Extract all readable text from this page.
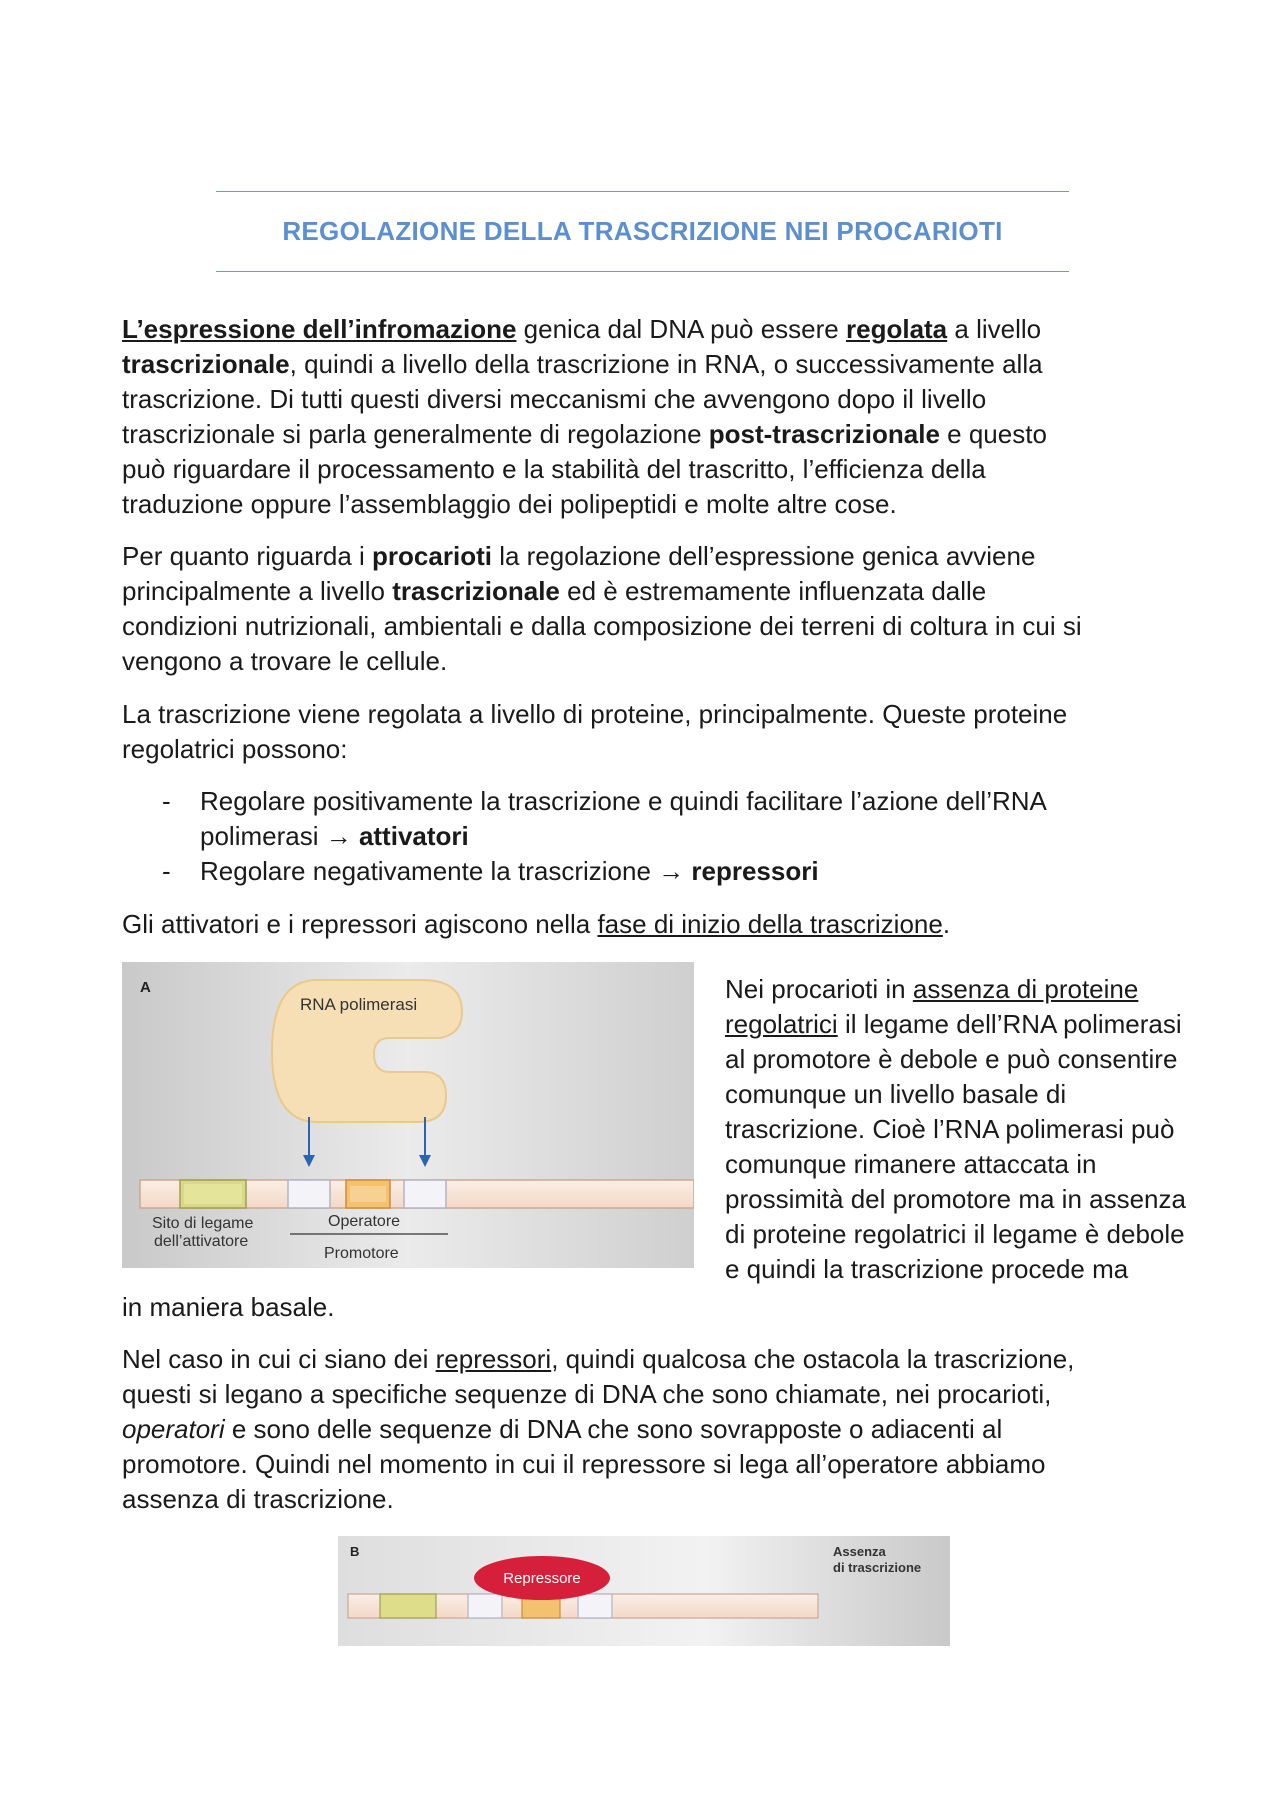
REGOLAZIONE DELLA TRASCRIZIONE NEI PROCARIOTI

L’espressione dell’infromazione genica dal DNA può essere regolata a livello

trascrizionale, quindi a livello della trascrizione in RNA, o successivamente alla

trascrizione. Di tutti questi diversi meccanismi che avvengono dopo il livello

trascrizionale si parla generalmente di regolazione post-trascrizionale e questo

può riguardare il processamento e la stabilità del trascritto, l’efficienza della

traduzione oppure l’assemblaggio dei polipeptidi e molte altre cose.

Per quanto riguarda i procarioti la regolazione dell’espressione genica avviene

principalmente a livello trascrizionale ed è estremamente influenzata dalle

condizioni nutrizionali, ambientali e dalla composizione dei terreni di coltura in cui si

vengono a trovare le cellule.

La trascrizione viene regolata a livello di proteine, principalmente. Queste proteine

regolatrici possono:

- Regolare positivamente la trascrizione e quindi facilitare l’azione dell’RNA

polimerasi → attivatori

- Regolare negativamente la trascrizione → repressori

Gli attivatori e i repressori agiscono nella fase di inizio della trascrizione.

A
RNA polimerasi
Sito di legame
dell’attivatore
Operatore
Promotore

Nei procarioti in assenza di proteine

regolatrici il legame dell’RNA polimerasi

al promotore è debole e può consentire

comunque un livello basale di

trascrizione. Cioè l’RNA polimerasi può

comunque rimanere attaccata in

prossimità del promotore ma in assenza

di proteine regolatrici il legame è debole

e quindi la trascrizione procede ma

in maniera basale.

Nel caso in cui ci siano dei repressori, quindi qualcosa che ostacola la trascrizione,

questi si legano a specifiche sequenze di DNA che sono chiamate, nei procarioti,

operatori e sono delle sequenze di DNA che sono sovrapposte o adiacenti al

promotore. Quindi nel momento in cui il repressore si lega all’operatore abbiamo

assenza di trascrizione.

B
Repressore
Assenza
di trascrizione
